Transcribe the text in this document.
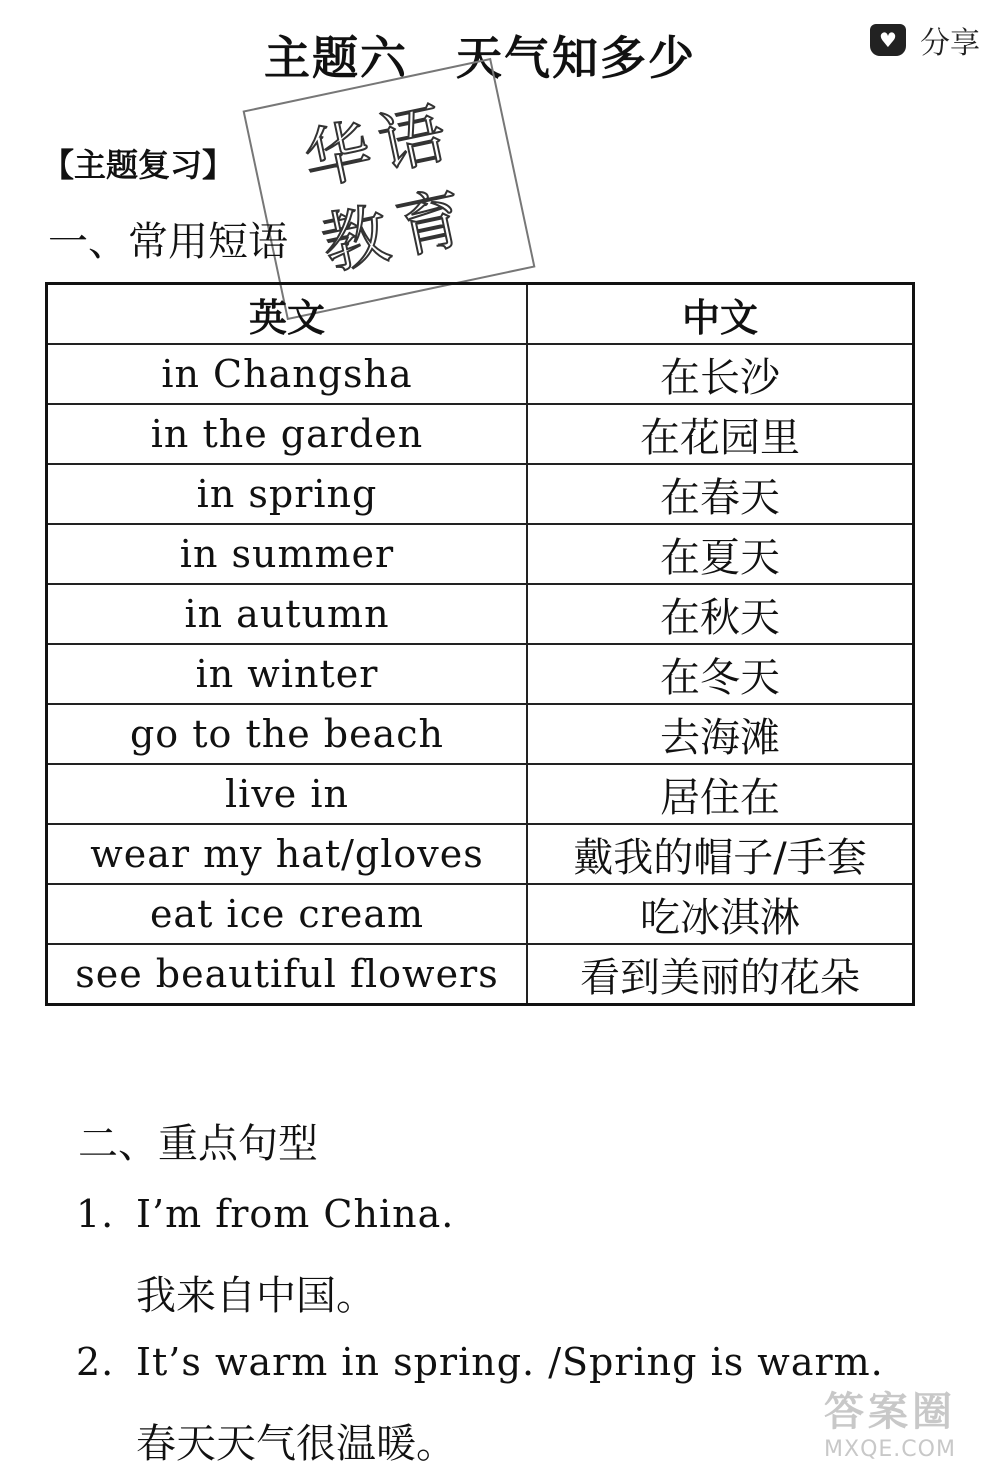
主题六　天气知多少	♥ 分享
华语
教育
【主题复习】
一、常用短语
英文	中文
in Changsha	在长沙
in the garden	在花园里
in spring	在春天
in summer	在夏天
in autumn	在秋天
in winter	在冬天
go to the beach	去海滩
live in	居住在
wear my hat/gloves	戴我的帽子/手套
eat ice cream	吃冰淇淋
see beautiful flowers	看到美丽的花朵
二、重点句型
1. I’m from China.
我来自中国。
2. It’s warm in spring. /Spring is warm.
春天天气很温暖。
答案圈
MXQE.COM
